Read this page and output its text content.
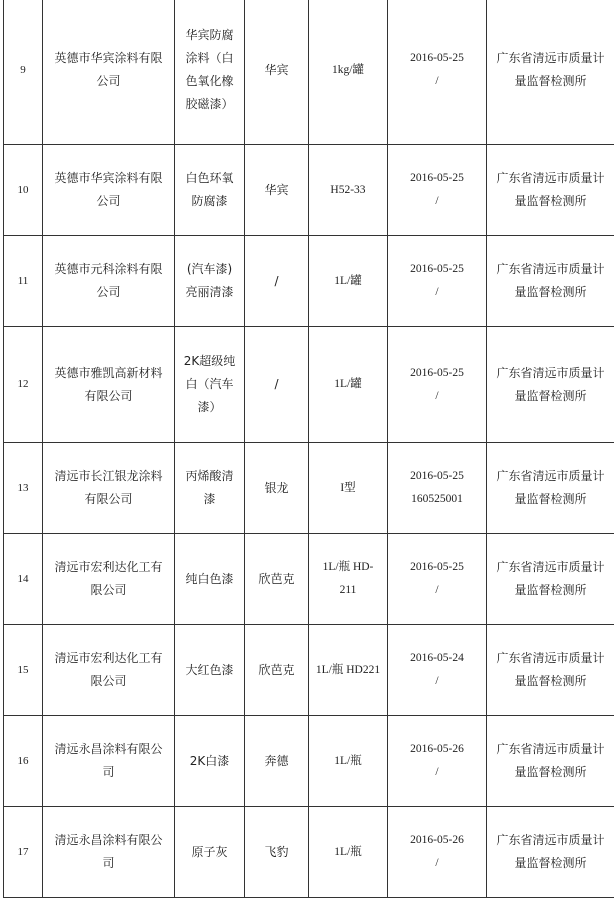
9	英德市华宾涂料有限
公司	华宾防腐
涂料（白
色氧化橡
胶磁漆）	华宾	1kg/罐	2016-05-25
/	广东省清远市质量计
量监督检测所
10	英德市华宾涂料有限
公司	白色环氧
防腐漆	华宾	H52-33	2016-05-25
/	广东省清远市质量计
量监督检测所
11	英德市元科涂料有限
公司	(汽车漆)
亮丽清漆	/	1L/罐	2016-05-25
/	广东省清远市质量计
量监督检测所
12	英德市雅凯高新材料
有限公司	2K超级纯
白（汽车
漆）	/	1L/罐	2016-05-25
/	广东省清远市质量计
量监督检测所
13	清远市长江银龙涂料
有限公司	丙烯酸清
漆	银龙	I型	2016-05-25
160525001	广东省清远市质量计
量监督检测所
14	清远市宏利达化工有
限公司	纯白色漆	欣芭克	1L/瓶 HD-
211	2016-05-25
/	广东省清远市质量计
量监督检测所
15	清远市宏利达化工有
限公司	大红色漆	欣芭克	1L/瓶 HD221	2016-05-24
/	广东省清远市质量计
量监督检测所
16	清远永昌涂料有限公
司	2K白漆	奔德	1L/瓶	2016-05-26
/	广东省清远市质量计
量监督检测所
17	清远永昌涂料有限公
司	原子灰	飞豹	1L/瓶	2016-05-26
/	广东省清远市质量计
量监督检测所
